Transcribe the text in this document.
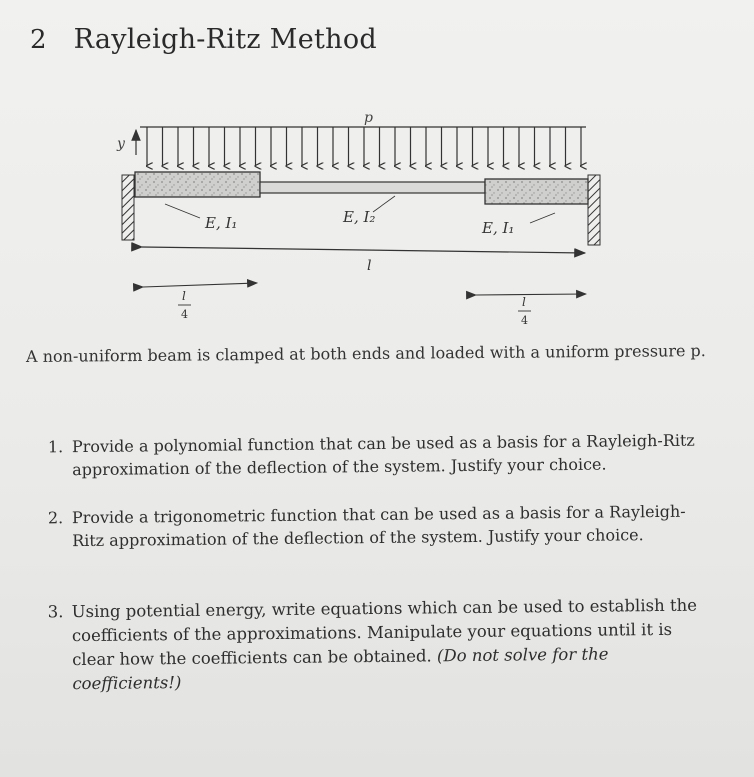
2 Rayleigh-Ritz Method
y
p
E, I₁	E, I₂
E, I₁
l
l
4
l
4
A non-uniform beam is clamped at both ends and loaded with a uniform pressure p.
1. Provide a polynomial function that can be used as a basis for a Rayleigh-Ritz approximation of the deflection of the system. Justify your choice.
2. Provide a trigonometric function that can be used as a basis for a Rayleigh-Ritz approximation of the deflection of the system. Justify your choice.
3. Using potential energy, write equations which can be used to establish the coefficients of the approximations. Manipulate your equations until it is clear how the coefficients can be obtained. (Do not solve for the coefficients!)
